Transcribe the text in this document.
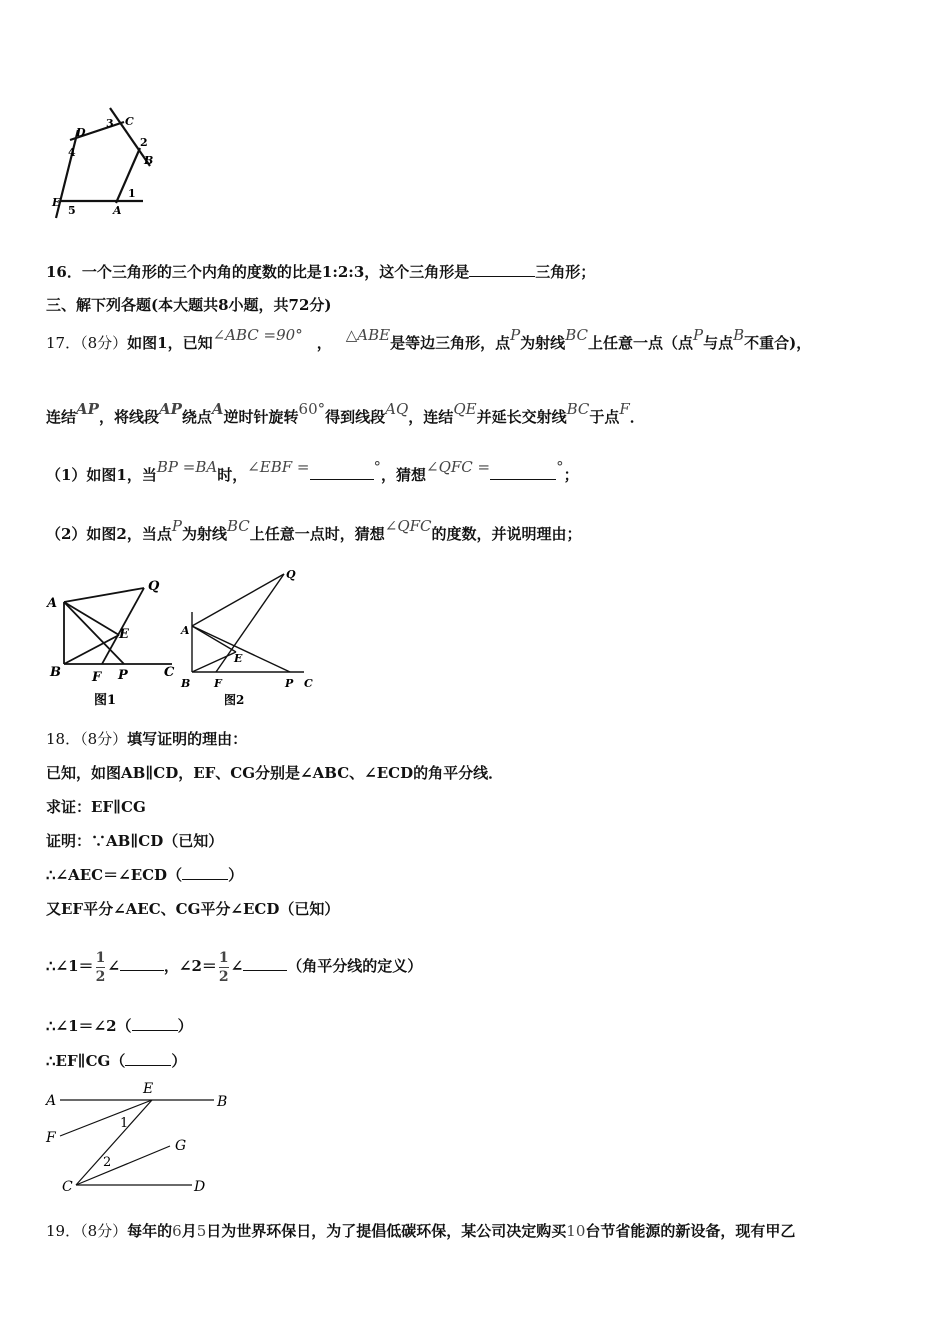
C
3
D
4
2
B
E
5	A
1
16．一个三角形的三个内角的度数的比是1:2:3，这个三角形是	三角形；
三、解下列各题(本大题共8小题，共72分)
17．（8分）如图1，已知∠ABC =90° ， △ABE是等边三角形，点P为射线BC上任意一点（点P与点B不重合)，
连结AP，将线段AP绕点A逆时针旋转60°得到线段AQ，连结QE并延长交射线BC于点F．
（1）如图1，当BP =BA时，∠EBF =	°，猜想∠QFC =	°；
（2）如图2，当点P为射线BC上任意一点时，猜想∠QFC的度数，并说明理由；
A
Q
E
B F P	C
图1
Q
A
E
B F	P C
图2
18．（8分）填写证明的理由：
已知，如图AB∥CD，EF、CG分别是∠ABC、∠ECD的角平分线．
求证：EF∥CG
证明：∵AB∥CD（已知）
∴∠AEC＝∠ECD（	）
又EF平分∠AEC、CG平分∠ECD（已知）
∴∠1＝ $\frac{1}{2}$ ∠	，∠2＝ $\frac{1}{2}$ ∠	（角平分线的定义）
∴∠1＝∠2（	）
∴EF∥CG（	）
A
E
B
1
F	G
2
C	D
19．（8分）每年的6月5日为世界环保日，为了提倡低碳环保，某公司决定购买10台节省能源的新设备，现有甲乙
